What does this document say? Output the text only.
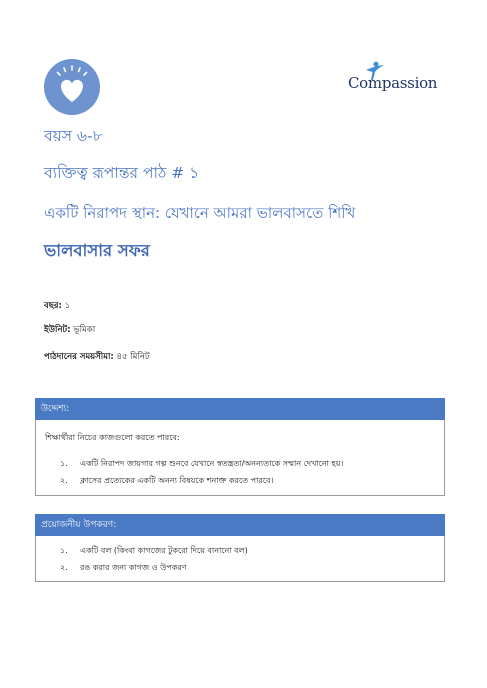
Compassion
বয়স ৬-৮
ব্যক্তিত্ব রূপান্তর পাঠ # ১
একটি নিরাপদ স্থান: যেখানে আমরা ভালবাসতে শিখি
ভালবাসার সফর
বছর: ১
ইউনিট: ভূমিকা
পাঠদানের সময়সীমা: ৪৫ মিনিট
উদ্দেশ্য:
শিক্ষার্থীরা নিচের কাজগুলো করতে পারবে:
১. একটি নিরাপদ জায়গার গল্প শুনবে যেখানে স্বতন্ত্রতা/অনন্যতাকে সম্মান দেখানো হয়।
২. ক্লাসের প্রত্যেকের একটি অনন্য বিষয়কে শনাক্ত করতে পারবে।
প্রয়োজনীয় উপকরণ:
১. একটি বল (কিংবা কাগজের টুকরো দিয়ে বানানো বল)
২. রঙ করার জন্য কাগজ ও উপকরণ
